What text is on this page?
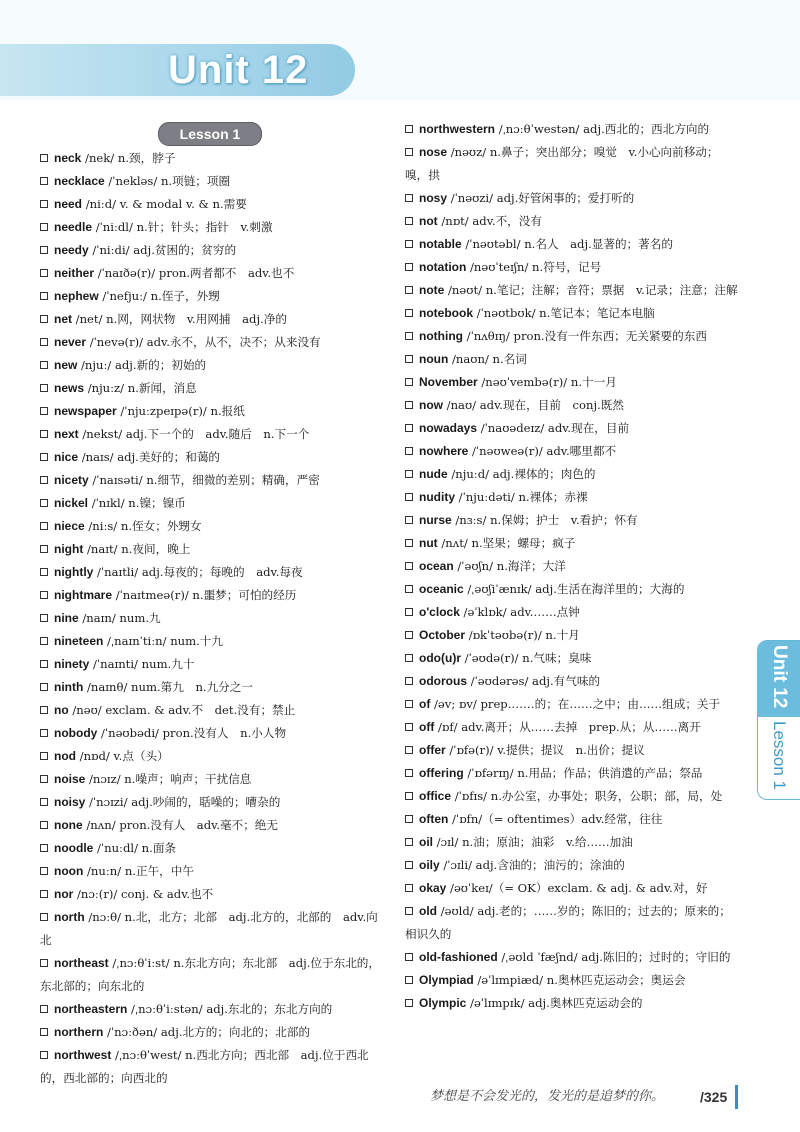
Unit 12
Lesson 1
neck /nek/ n.颈，脖子
necklace /ˈnekləs/ n.项链；项圈
need /niːd/ v. & modal v. & n.需要
needle /ˈniːdl/ n.针；针头；指针　v.刺激
needy /ˈniːdi/ adj.贫困的；贫穷的
neither /ˈnaɪðə(r)/ pron.两者都不　adv.也不
nephew /ˈnefjuː/ n.侄子，外甥
net /net/ n.网，网状物　v.用网捕　adj.净的
never /ˈnevə(r)/ adv.永不，从不，决不；从来没有
new /njuː/ adj.新的；初始的
news /njuːz/ n.新闻，消息
newspaper /ˈnjuːzpeɪpə(r)/ n.报纸
next /nekst/ adj.下一个的　adv.随后　n.下一个
nice /naɪs/ adj.美好的；和蔼的
nicety /ˈnaɪsəti/ n.细节，细微的差别；精确，严密
nickel /ˈnɪkl/ n.镍；镍币
niece /niːs/ n.侄女；外甥女
night /naɪt/ n.夜间，晚上
nightly /ˈnaɪtli/ adj.每夜的；每晚的　adv.每夜
nightmare /ˈnaɪtmeə(r)/ n.噩梦；可怕的经历
nine /naɪn/ num.九
nineteen /ˌnaɪnˈtiːn/ num.十九
ninety /ˈnaɪnti/ num.九十
ninth /naɪnθ/ num.第九　n.九分之一
no /nəʊ/ exclam. & adv.不　det.没有；禁止
nobody /ˈnəʊbədi/ pron.没有人　n.小人物
nod /nɒd/ v.点（头）
noise /nɔɪz/ n.噪声；响声；干扰信息
noisy /ˈnɔɪzi/ adj.吵闹的，聒噪的；嘈杂的
none /nʌn/ pron.没有人　adv.毫不；绝无
noodle /ˈnuːdl/ n.面条
noon /nuːn/ n.正午，中午
nor /nɔː(r)/ conj. & adv.也不
north /nɔːθ/ n.北，北方；北部　adj.北方的，北部的　adv.向北
northeast /ˌnɔːθˈiːst/ n.东北方向；东北部　adj.位于东北的，东北部的；向东北的
northeastern /ˌnɔːθˈiːstən/ adj.东北的；东北方向的
northern /ˈnɔːðən/ adj.北方的；向北的；北部的
northwest /ˌnɔːθˈwest/ n.西北方向；西北部　adj.位于西北的，西北部的；向西北的
northwestern /ˌnɔːθˈwestən/ adj.西北的；西北方向的
nose /nəʊz/ n.鼻子；突出部分；嗅觉　v.小心向前移动；嗅，拱
nosy /ˈnəʊzi/ adj.好管闲事的；爱打听的
not /nɒt/ adv.不，没有
notable /ˈnəʊtəbl/ n.名人　adj.显著的；著名的
notation /nəʊˈteɪʃn/ n.符号，记号
note /nəʊt/ n.笔记；注解；音符；票据　v.记录；注意；注解
notebook /ˈnəʊtbʊk/ n.笔记本；笔记本电脑
nothing /ˈnʌθɪŋ/ pron.没有一件东西；无关紧要的东西
noun /naʊn/ n.名词
November /nəʊˈvembə(r)/ n.十一月
now /naʊ/ adv.现在，目前　conj.既然
nowadays /ˈnaʊədeɪz/ adv.现在，目前
nowhere /ˈnəʊweə(r)/ adv.哪里都不
nude /njuːd/ adj.裸体的；肉色的
nudity /ˈnjuːdəti/ n.裸体；赤裸
nurse /nɜːs/ n.保姆；护士　v.看护；怀有
nut /nʌt/ n.坚果；螺母；疯子
ocean /ˈəʊʃn/ n.海洋；大洋
oceanic /ˌəʊʃiˈænɪk/ adj.生活在海洋里的；大海的
o'clock /əˈklɒk/ adv.……点钟
October /ɒkˈtəʊbə(r)/ n.十月
odo(u)r /ˈəʊdə(r)/ n.气味；臭味
odorous /ˈəʊdərəs/ adj.有气味的
of /əv; ɒv/ prep.……的；在……之中；由……组成；关于
off /ɒf/ adv.离开；从……去掉　prep.从；从……离开
offer /ˈɒfə(r)/ v.提供；提议　n.出价；提议
offering /ˈɒfərɪŋ/ n.用品；作品；供消遣的产品；祭品
office /ˈɒfɪs/ n.办公室，办事处；职务，公职；部，局，处
often /ˈɒfn/（= oftentimes）adv.经常，往往
oil /ɔɪl/ n.油；原油；油彩　v.给……加油
oily /ˈɔɪli/ adj.含油的；油污的；涂油的
okay /əʊˈkeɪ/（= OK）exclam. & adj. & adv.对，好
old /əʊld/ adj.老的；……岁的；陈旧的；过去的；原来的；相识久的
old-fashioned /ˌəʊld ˈfæʃnd/ adj.陈旧的；过时的；守旧的
Olympiad /əˈlɪmpiæd/ n.奥林匹克运动会；奥运会
Olympic /əˈlɪmpɪk/ adj.奥林匹克运动会的
Unit 12
Lesson 1
梦想是不会发光的，发光的是追梦的你。	/325
